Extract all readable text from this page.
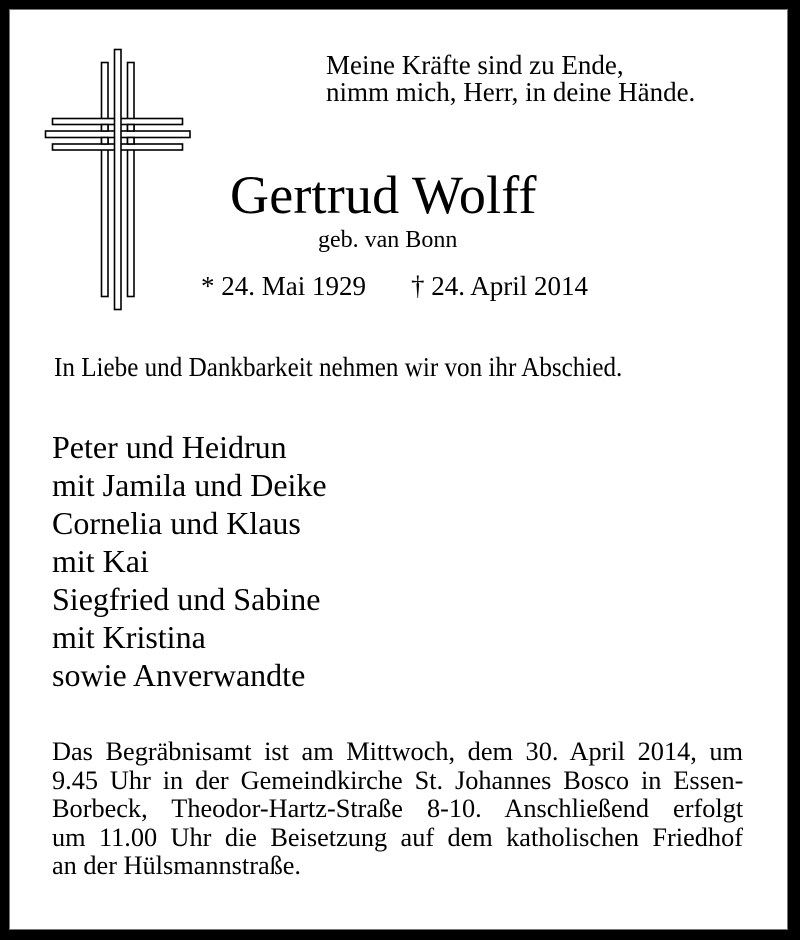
Meine Kräfte sind zu Ende,
nimm mich, Herr, in deine Hände.
Gertrud Wolff
geb. van Bonn
* 24. Mai 1929 † 24. April 2014
In Liebe und Dankbarkeit nehmen wir von ihr Abschied.
Peter und Heidrun
mit Jamila und Deike
Cornelia und Klaus
mit Kai
Siegfried und Sabine
mit Kristina
sowie Anverwandte
Das Begräbnisamt ist am Mittwoch, dem 30. April 2014, um
9.45 Uhr in der Gemeindkirche St. Johannes Bosco in Essen-
Borbeck, Theodor-Hartz-Straße 8-10. Anschließend erfolgt
um 11.00 Uhr die Beisetzung auf dem katholischen Friedhof
an der Hülsmannstraße.
